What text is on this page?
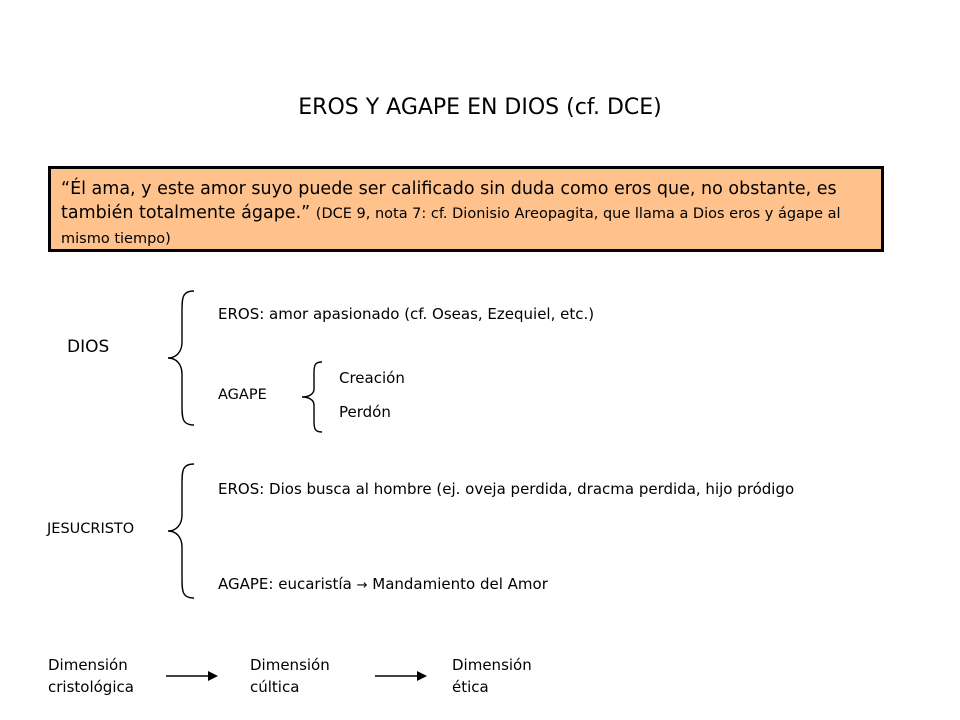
EROS Y AGAPE EN DIOS (cf. DCE)
“Él ama, y este amor suyo puede ser calificado sin duda como eros que, no obstante, es también totalmente ágape.” (DCE 9, nota 7: cf. Dionisio Areopagita, que llama a Dios eros y ágape al mismo tiempo)
DIOS
EROS: amor apasionado (cf. Oseas, Ezequiel, etc.)
AGAPE
Creación
Perdón
JESUCRISTO
EROS: Dios busca al hombre (ej. oveja perdida, dracma perdida, hijo pródigo
AGAPE: eucaristía → Mandamiento del Amor
Dimensión
cristológica
Dimensión
cúltica
Dimensión
ética
